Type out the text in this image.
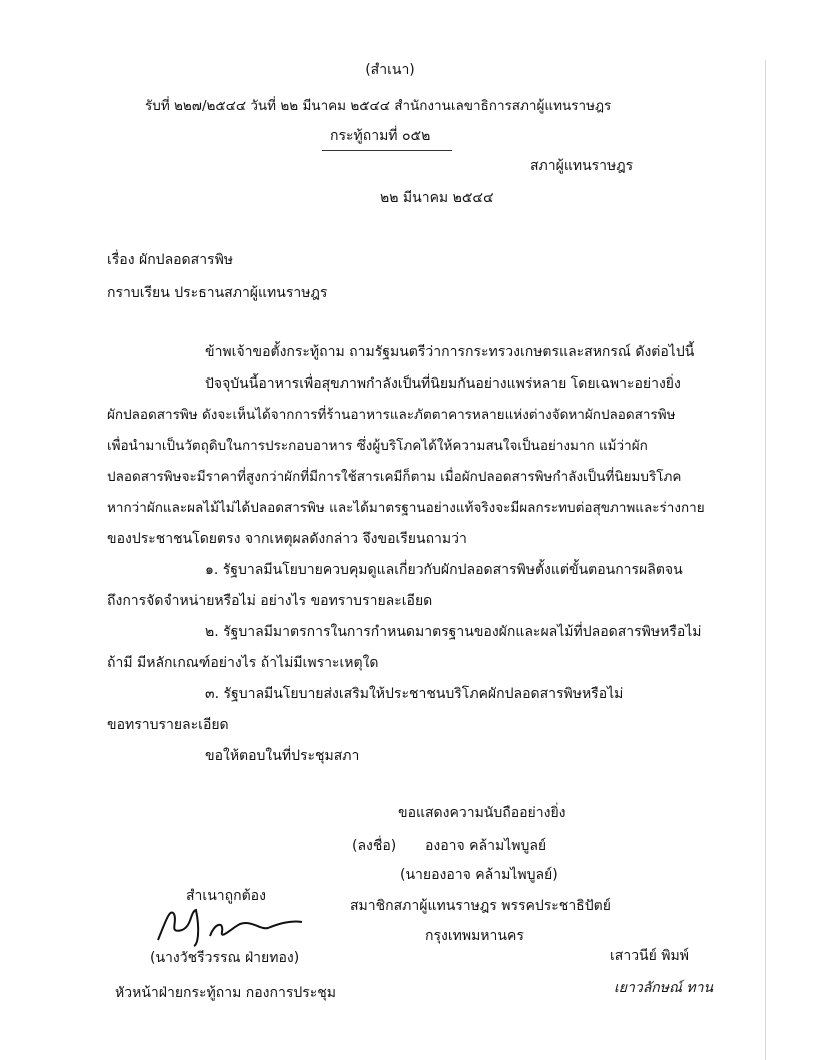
(สำเนา)
รับที่ ๒๒๗/๒๕๔๔ วันที่ ๒๒ มีนาคม ๒๕๔๔ สำนักงานเลขาธิการสภาผู้แทนราษฎร
กระทู้ถามที่ ๐๕๒
สภาผู้แทนราษฎร
๒๒ มีนาคม ๒๕๔๔
เรื่อง ผักปลอดสารพิษ
กราบเรียน ประธานสภาผู้แทนราษฎร
ข้าพเจ้าขอตั้งกระทู้ถาม ถามรัฐมนตรีว่าการกระทรวงเกษตรและสหกรณ์ ดังต่อไปนี้
ปัจจุบันนี้อาหารเพื่อสุขภาพกำลังเป็นที่นิยมกันอย่างแพร่หลาย โดยเฉพาะอย่างยิ่ง
ผักปลอดสารพิษ ดังจะเห็นได้จากการที่ร้านอาหารและภัตตาคารหลายแห่งต่างจัดหาผักปลอดสารพิษ
เพื่อนำมาเป็นวัตถุดิบในการประกอบอาหาร ซึ่งผู้บริโภคได้ให้ความสนใจเป็นอย่างมาก แม้ว่าผัก
ปลอดสารพิษจะมีราคาที่สูงกว่าผักที่มีการใช้สารเคมีก็ตาม เมื่อผักปลอดสารพิษกำลังเป็นที่นิยมบริโภค
หากว่าผักและผลไม้ไม่ได้ปลอดสารพิษ และได้มาตรฐานอย่างแท้จริงจะมีผลกระทบต่อสุขภาพและร่างกาย
ของประชาชนโดยตรง จากเหตุผลดังกล่าว จึงขอเรียนถามว่า
๑. รัฐบาลมีนโยบายควบคุมดูแลเกี่ยวกับผักปลอดสารพิษตั้งแต่ขั้นตอนการผลิตจน
ถึงการจัดจำหน่ายหรือไม่ อย่างไร ขอทราบรายละเอียด
๒. รัฐบาลมีมาตรการในการกำหนดมาตรฐานของผักและผลไม้ที่ปลอดสารพิษหรือไม่
ถ้ามี มีหลักเกณฑ์อย่างไร ถ้าไม่มีเพราะเหตุใด
๓. รัฐบาลมีนโยบายส่งเสริมให้ประชาชนบริโภคผักปลอดสารพิษหรือไม่
ขอทราบรายละเอียด
ขอให้ตอบในที่ประชุมสภา
ขอแสดงความนับถืออย่างยิ่ง
(ลงชื่อ) องอาจ คล้ามไพบูลย์
(นายองอาจ คล้ามไพบูลย์)
สมาชิกสภาผู้แทนราษฎร พรรคประชาธิปัตย์
กรุงเทพมหานคร
สำเนาถูกต้อง
(นางวัชรีวรรณ ฝ่ายทอง)
หัวหน้าฝ่ายกระทู้ถาม กองการประชุม
เสาวนีย์ พิมพ์
เยาวลักษณ์ ทาน
